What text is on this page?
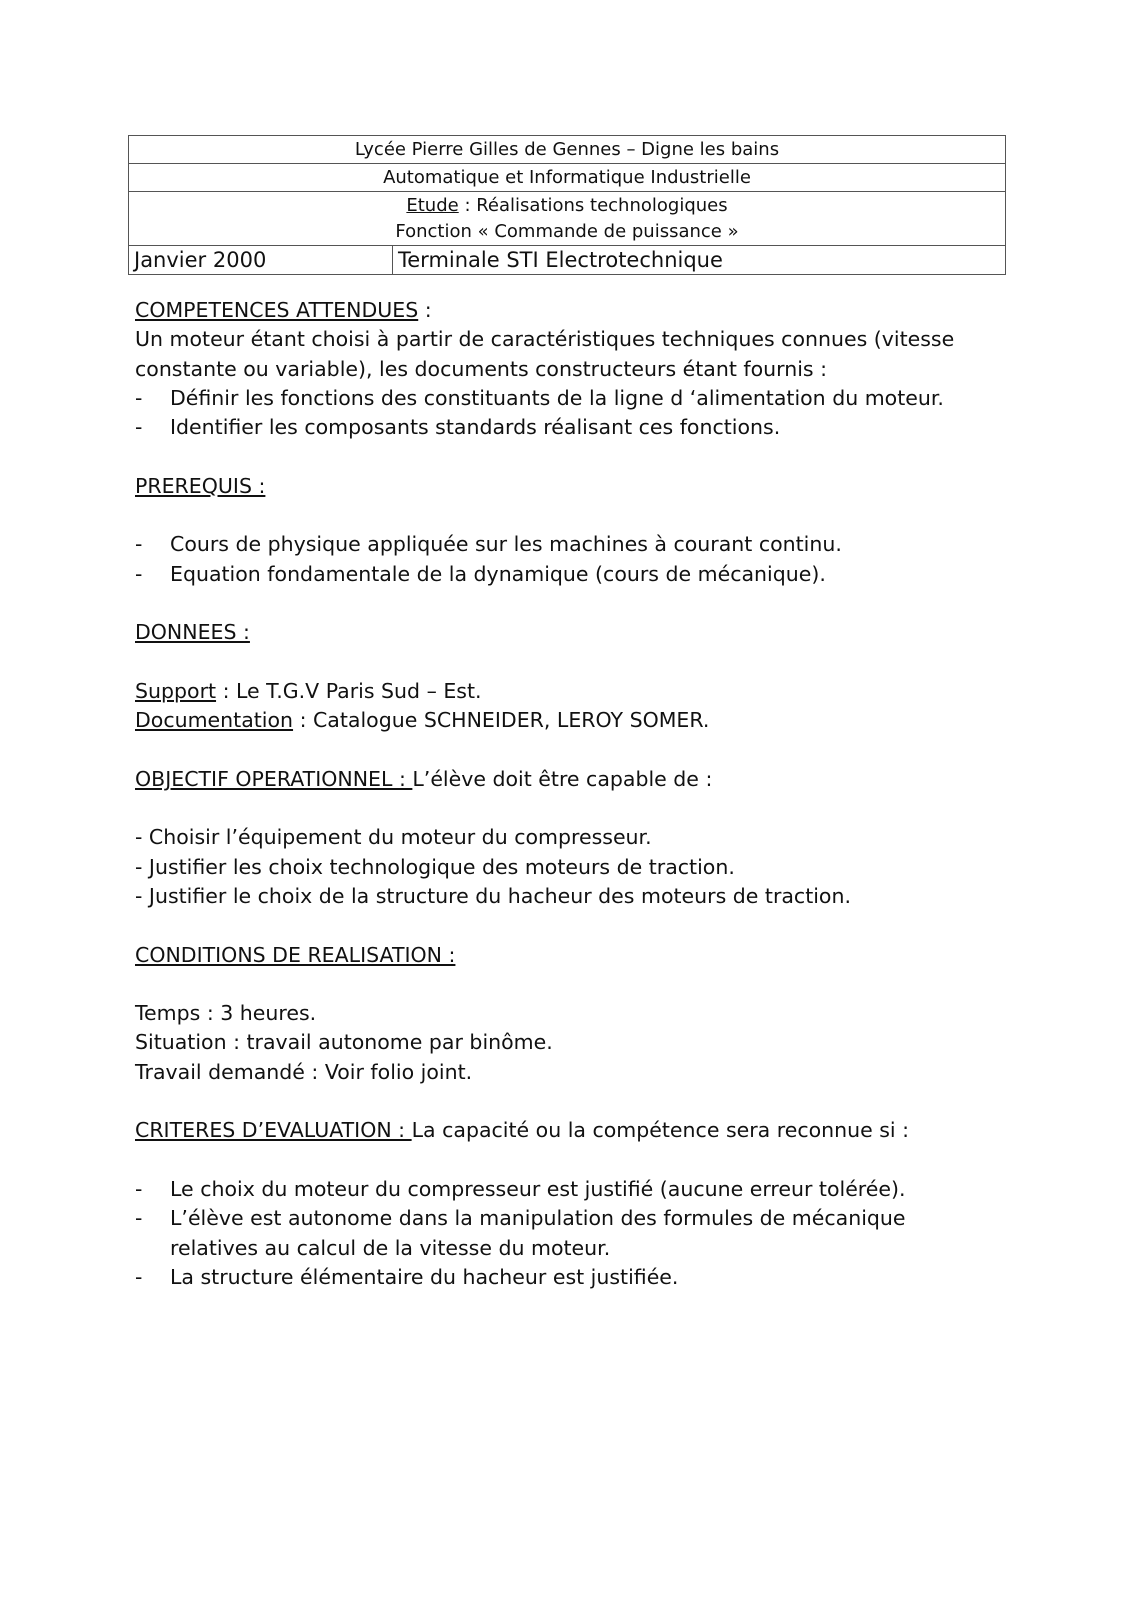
Lycée Pierre Gilles de Gennes – Digne les bains
Automatique et Informatique Industrielle
Etude : Réalisations technologiques
Fonction « Commande de puissance »
Janvier 2000	Terminale STI Electrotechnique
COMPETENCES ATTENDUES :
Un moteur étant choisi à partir de caractéristiques techniques connues (vitesse
constante ou variable), les documents constructeurs étant fournis :
-	Définir les fonctions des constituants de la ligne d ‘alimentation du moteur.
-	Identifier les composants standards réalisant ces fonctions.
PREREQUIS :
-	Cours de physique appliquée sur les machines à courant continu.
-	Equation fondamentale de la dynamique (cours de mécanique).
DONNEES :
Support : Le T.G.V Paris Sud – Est.
Documentation : Catalogue SCHNEIDER, LEROY SOMER.
OBJECTIF OPERATIONNEL : L’élève doit être capable de :
- Choisir l’équipement du moteur du compresseur.
- Justifier les choix technologique des moteurs de traction.
- Justifier le choix de la structure du hacheur des moteurs de traction.
CONDITIONS DE REALISATION :
Temps : 3 heures.
Situation : travail autonome par binôme.
Travail demandé : Voir folio joint.
CRITERES D’EVALUATION : La capacité ou la compétence sera reconnue si :
-	Le choix du moteur du compresseur est justifié (aucune erreur tolérée).
-	L’élève est autonome dans la manipulation des formules de mécanique relatives au calcul de la vitesse du moteur.
-	La structure élémentaire du hacheur est justifiée.
